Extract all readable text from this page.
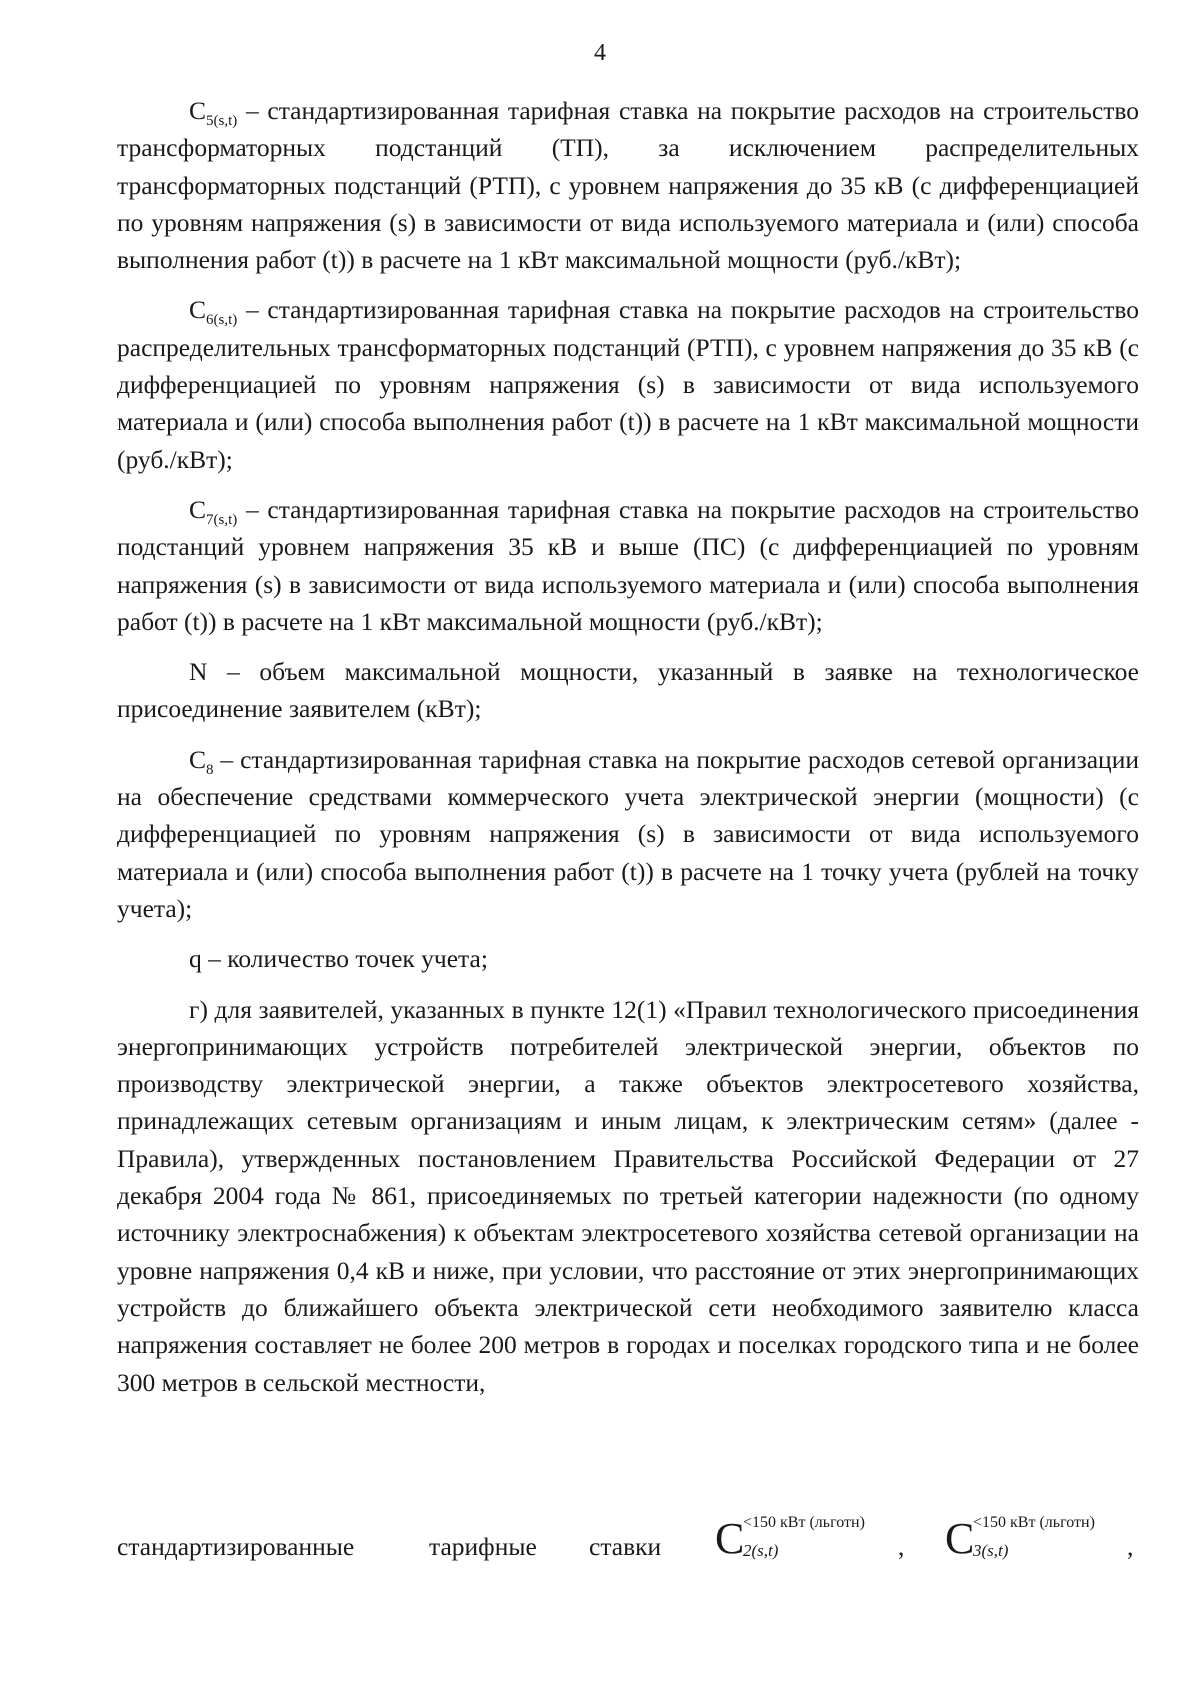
4

$C_{5(s,t)}$ – стандартизированная тарифная ставка на покрытие расходов на строительство трансформаторных подстанций (ТП), за исключением распределительных трансформаторных подстанций (РТП), с уровнем напряжения до 35 кВ (с дифференциацией по уровням напряжения (s) в зависимости от вида используемого материала и (или) способа выполнения работ (t)) в расчете на 1 кВт максимальной мощности (руб./кВт);

$C_{6(s,t)}$ – стандартизированная тарифная ставка на покрытие расходов на строительство распределительных трансформаторных подстанций (РТП), с уровнем напряжения до 35 кВ (с дифференциацией по уровням напряжения (s) в зависимости от вида используемого материала и (или) способа выполнения работ (t)) в расчете на 1 кВт максимальной мощности (руб./кВт);

$C_{7(s,t)}$ – стандартизированная тарифная ставка на покрытие расходов на строительство подстанций уровнем напряжения 35 кВ и выше (ПС) (с дифференциацией по уровням напряжения (s) в зависимости от вида используемого материала и (или) способа выполнения работ (t)) в расчете на 1 кВт максимальной мощности (руб./кВт);

N – объем максимальной мощности, указанный в заявке на технологическое присоединение заявителем (кВт);

$C_8$ – стандартизированная тарифная ставка на покрытие расходов сетевой организации на обеспечение средствами коммерческого учета электрической энергии (мощности) (с дифференциацией по уровням напряжения (s) в зависимости от вида используемого материала и (или) способа выполнения работ (t)) в расчете на 1 точку учета (рублей на точку учета);

q – количество точек учета;

г) для заявителей, указанных в пункте 12(1) «Правил технологического присоединения энергопринимающих устройств потребителей электрической энергии, объектов по производству электрической энергии, а также объектов электросетевого хозяйства, принадлежащих сетевым организациям и иным лицам, к электрическим сетям» (далее - Правила), утвержденных постановлением Правительства Российской Федерации от 27 декабря 2004 года № 861, присоединяемых по третьей категории надежности (по одному источнику электроснабжения) к объектам электросетевого хозяйства сетевой организации на уровне напряжения 0,4 кВ и ниже, при условии, что расстояние от этих энергопринимающих устройств до ближайшего объекта электрической сети необходимого заявителю класса напряжения составляет не более 200 метров в городах и поселках городского типа и не более 300 метров в сельской местности,

стандартизированные	тарифные ставки C
<150 кВт (льготн)
2(s,t)	, C
<150 кВт (льготн)
3(s,t)	,
